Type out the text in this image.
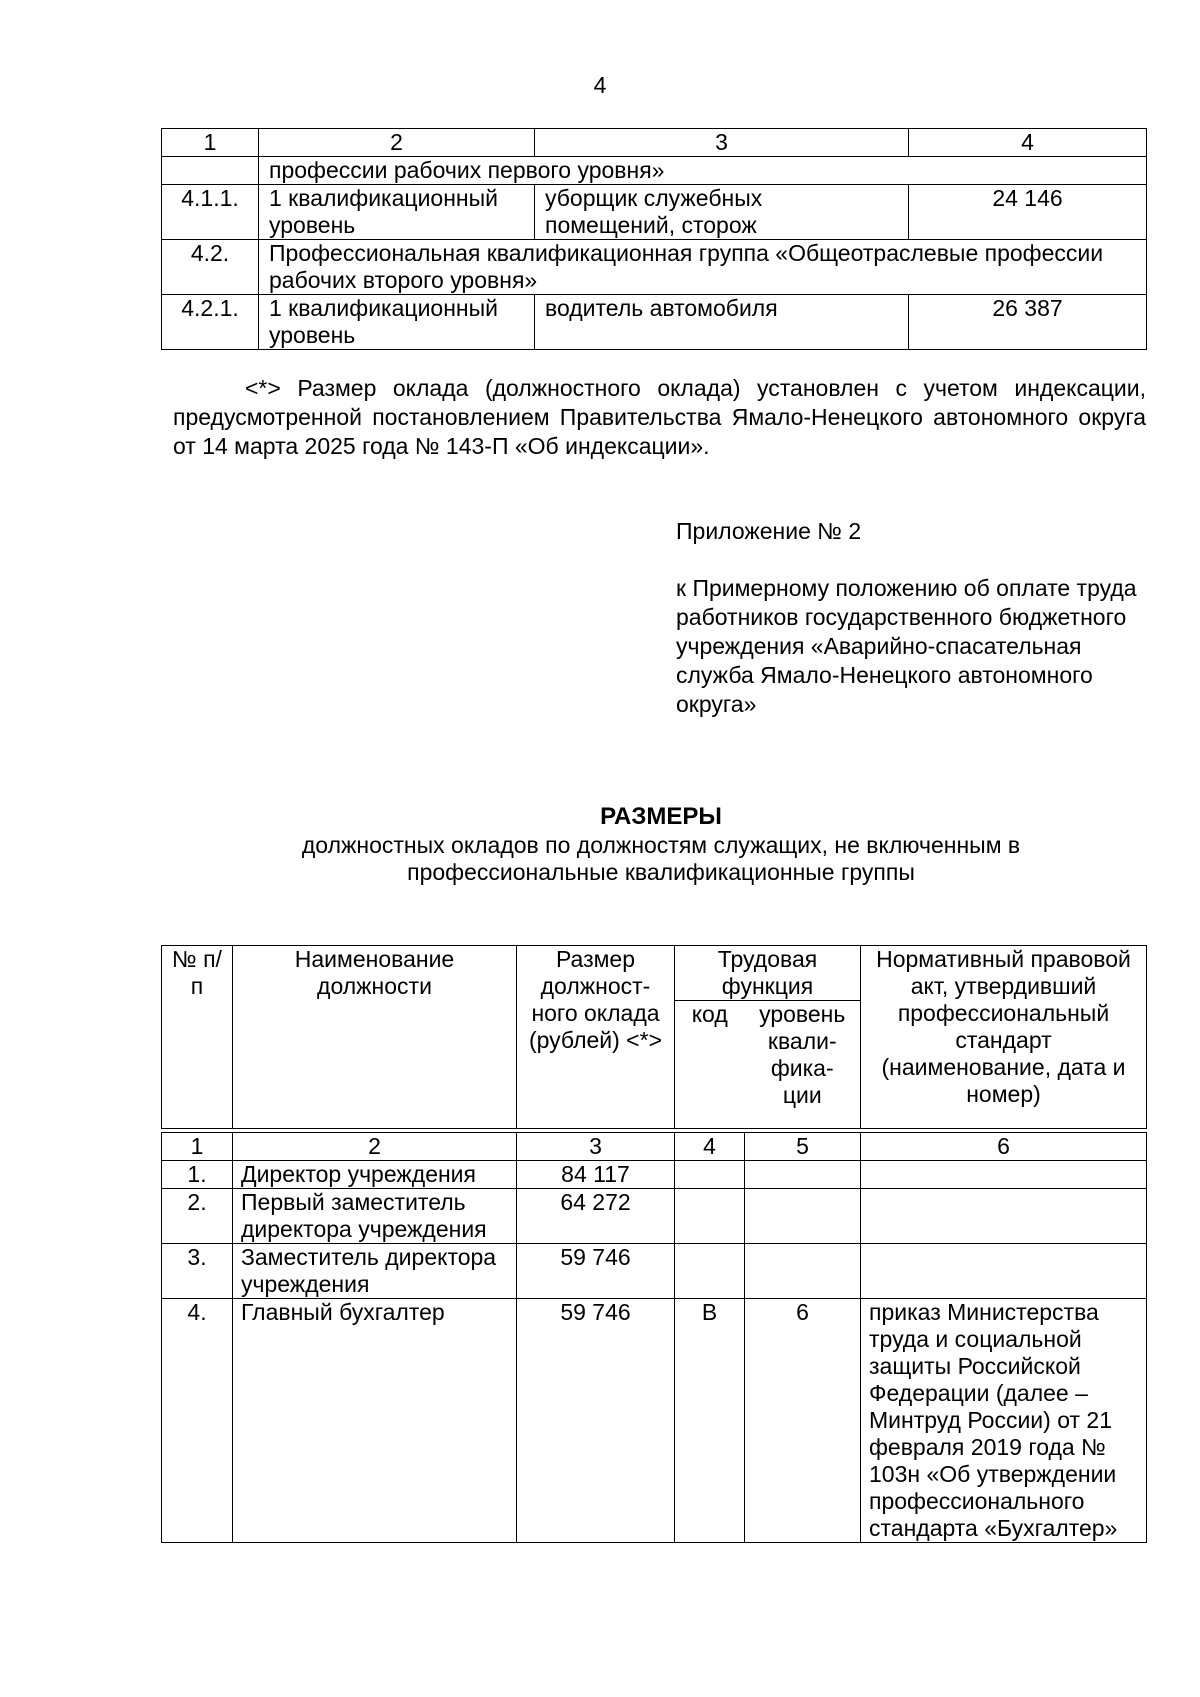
4
1	2	3	4
	профессии рабочих первого уровня»		
4.1.1.	1 квалификационный уровень	уборщик служебных помещений, сторож	24 146
4.2.	Профессиональная квалификационная группа «Общеотраслевые профессии рабочих второго уровня»		
4.2.1.	1 квалификационный уровень	водитель автомобиля	26 387

<*> Размер оклада (должностного оклада) установлен с учетом индексации, предусмотренной постановлением Правительства Ямало-Ненецкого автономного округа от 14 марта 2025 года № 143-П «Об индексации».

Приложение № 2

к Примерному положению об оплате труда работников государственного бюджетного учреждения «Аварийно-спасательная служба Ямало-Ненецкого автономного округа»

РАЗМЕРЫ

должностных окладов по должностям служащих, не включенным в
профессиональные квалификационные группы

№ п/п	Наименование должности	Размер должност-ного оклада (рублей) <*>	Трудовая функция		Нормативный правовой акт, утвердивший профессиональный стандарт (наименование, дата и номер)
			код	уровень квали-фика-ции	

1	2	3	4	5	6
1.	Директор учреждения	84 117			
2.	Первый заместитель директора учреждения	64 272			
3.	Заместитель директора учреждения	59 746			
4.	Главный бухгалтер	59 746	В	6	приказ Министерства труда и социальной защиты Российской Федерации (далее – Минтруд России) от 21 февраля 2019 года № 103н «Об утверждении профессионального стандарта «Бухгалтер»
